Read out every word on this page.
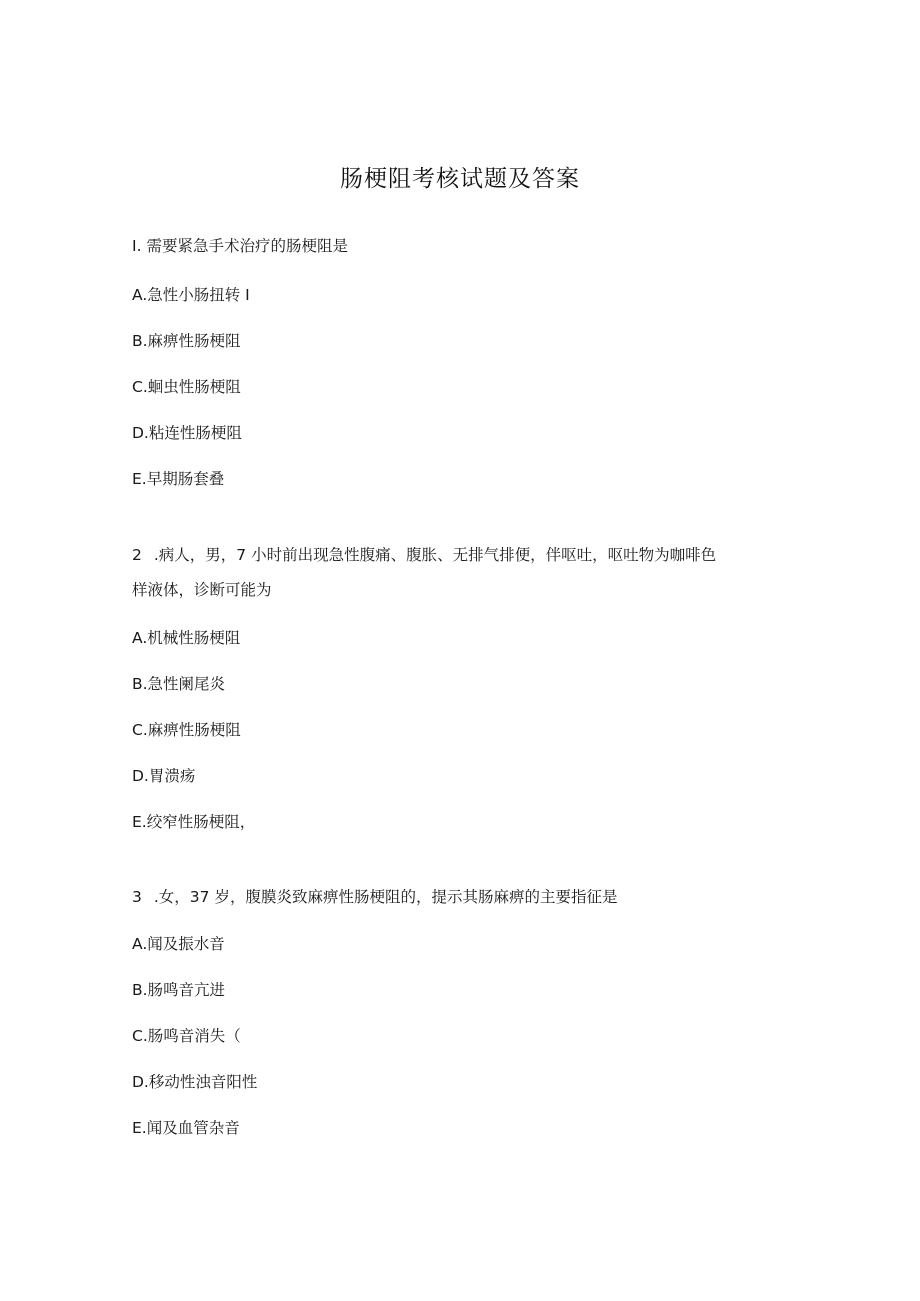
肠梗阻考核试题及答案
I. 需要紧急手术治疗的肠梗阻是
A.急性小肠扭转 I
B.麻痹性肠梗阻
C.蛔虫性肠梗阻
D.粘连性肠梗阻
E.早期肠套叠
2 .病人，男，7 小时前出现急性腹痛、腹胀、无排气排便，伴呕吐，呕吐物为咖啡色
样液体，诊断可能为
A.机械性肠梗阻
B.急性阑尾炎
C.麻痹性肠梗阻
D.胃溃疡
E.绞窄性肠梗阻，
3 .女，37 岁，腹膜炎致麻痹性肠梗阻的，提示其肠麻痹的主要指征是
A.闻及振水音
B.肠鸣音亢进
C.肠鸣音消失（
D.移动性浊音阳性
E.闻及血管杂音
